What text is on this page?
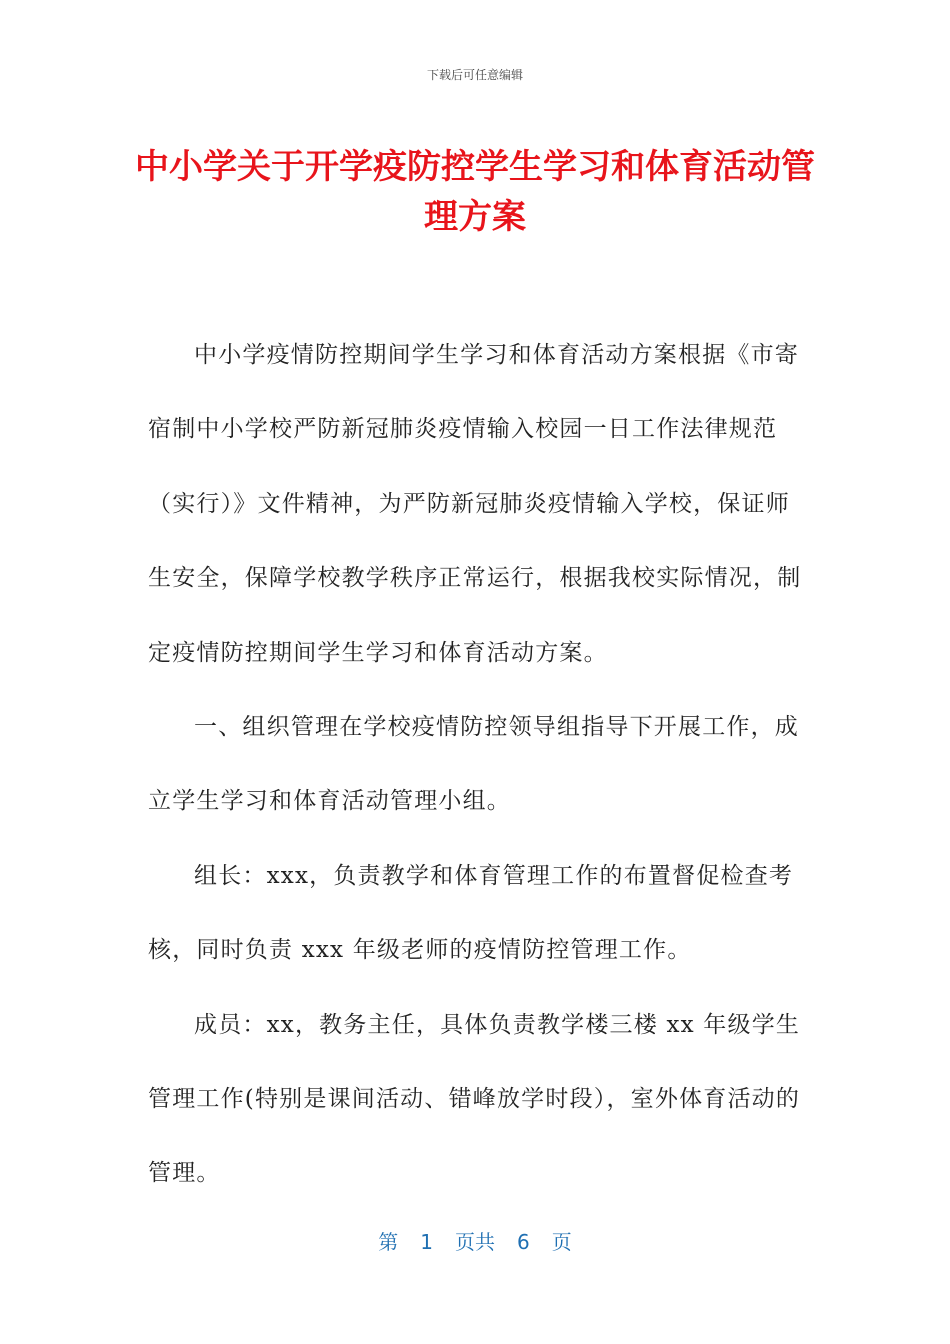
下载后可任意编辑
中小学关于开学疫防控学生学习和体育活动管理方案

中小学疫情防控期间学生学习和体育活动方案根据《市寄宿制中小学校严防新冠肺炎疫情输入校园一日工作法律规范（实行）》文件精神，为严防新冠肺炎疫情输入学校，保证师生安全，保障学校教学秩序正常运行，根据我校实际情况，制定疫情防控期间学生学习和体育活动方案。

一、组织管理在学校疫情防控领导组指导下开展工作，成立学生学习和体育活动管理小组。

组长：xxx，负责教学和体育管理工作的布置督促检查考核，同时负责 xxx 年级老师的疫情防控管理工作。

成员：xx，教务主任，具体负责教学楼三楼 xx 年级学生管理工作(特别是课间活动、错峰放学时段），室外体育活动的管理。

第 1 页共 6 页
